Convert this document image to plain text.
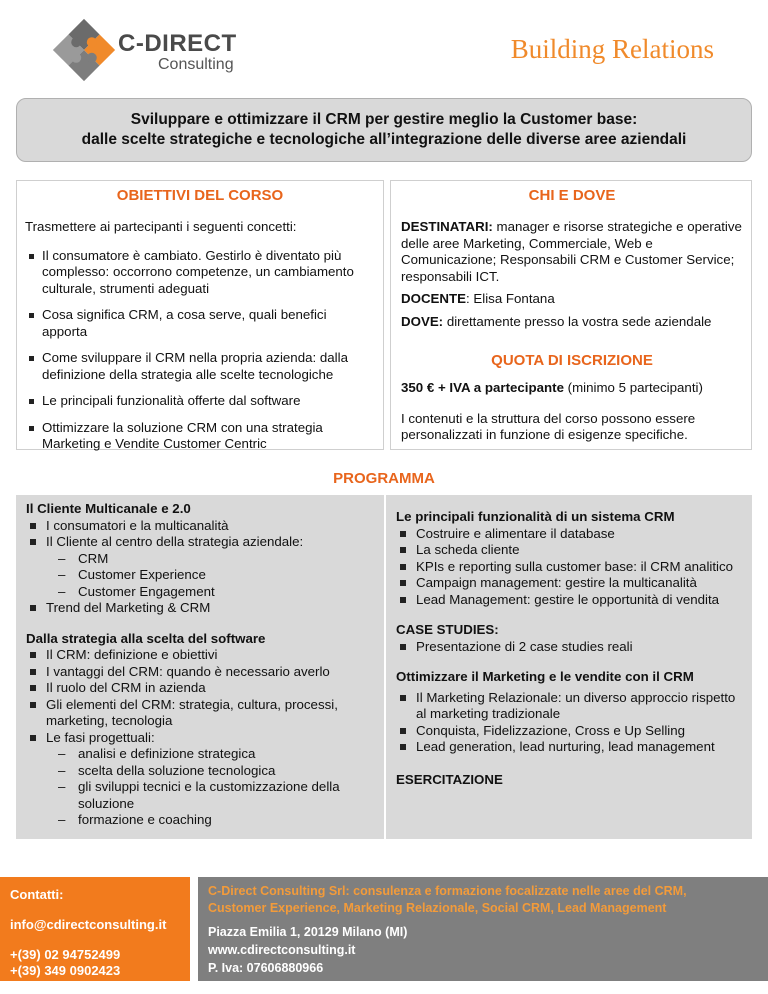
C-DIRECT
Consulting
Building Relations
Sviluppare e ottimizzare il CRM per gestire meglio la Customer base:
dalle scelte strategiche e tecnologiche all’integrazione delle diverse aree aziendali
OBIETTIVI DEL CORSO
Trasmettere ai partecipanti i seguenti concetti:
Il consumatore è cambiato. Gestirlo è diventato più complesso: occorrono competenze, un cambiamento culturale, strumenti adeguati
Cosa significa CRM, a cosa serve, quali benefici apporta
Come sviluppare il CRM nella propria azienda: dalla definizione della strategia alle scelte tecnologiche
Le principali funzionalità offerte dal software
Ottimizzare la soluzione CRM con una strategia Marketing e Vendite Customer Centric
CHI E DOVE
DESTINATARI: manager e risorse strategiche e operative delle aree Marketing, Commerciale, Web e Comunicazione; Responsabili CRM e Customer Service; responsabili ICT.
DOCENTE: Elisa Fontana
DOVE: direttamente presso la vostra sede aziendale
QUOTA DI ISCRIZIONE
350 € + IVA a partecipante (minimo 5 partecipanti)
I contenuti e la struttura del corso possono essere personalizzati in funzione di esigenze specifiche.
PROGRAMMA
Il Cliente Multicanale e 2.0
I consumatori e la multicanalità
Il Cliente al centro della strategia aziendale:
– CRM
– Customer Experience
– Customer Engagement
Trend del Marketing & CRM
Dalla strategia alla scelta del software
Il CRM: definizione e obiettivi
I vantaggi del CRM: quando è necessario averlo
Il ruolo del CRM in azienda
Gli elementi del CRM: strategia, cultura, processi, marketing, tecnologia
Le fasi progettuali:
– analisi e definizione strategica
– scelta della soluzione tecnologica
– gli sviluppi tecnici e la customizzazione della soluzione
– formazione e coaching
Le principali funzionalità di un sistema CRM
Costruire e alimentare il database
La scheda cliente
KPIs e reporting sulla customer base: il CRM analitico
Campaign management: gestire la multicanalità
Lead Management: gestire le opportunità di vendita
CASE STUDIES:
Presentazione di 2 case studies reali
Ottimizzare il Marketing e le vendite con il CRM
Il Marketing Relazionale: un diverso approccio rispetto al marketing tradizionale
Conquista, Fidelizzazione, Cross e Up Selling
Lead generation, lead nurturing, lead management
ESERCITAZIONE
Contatti:
info@cdirectconsulting.it
+(39) 02 94752499
+(39) 349 0902423
C-Direct Consulting Srl: consulenza e formazione focalizzate nelle aree del CRM,
Customer Experience, Marketing Relazionale, Social CRM, Lead Management
Piazza Emilia 1, 20129 Milano (MI)
www.cdirectconsulting.it
P. Iva: 07606880966
